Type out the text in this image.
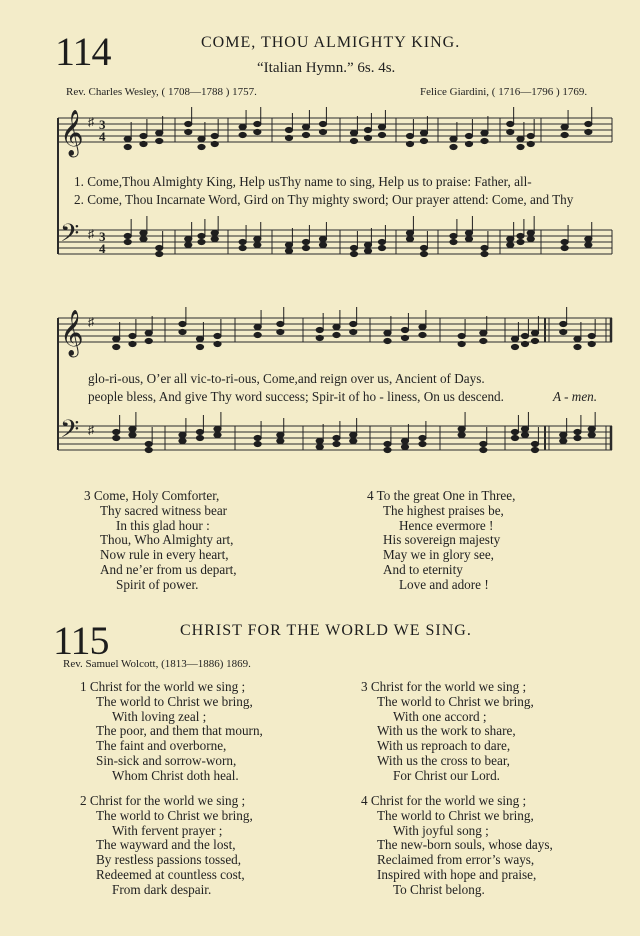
114	COME, THOU ALMIGHTY KING.
“Italian Hymn.” 6s. 4s.
Rev. Charles Wesley, ( 1708—1788 ) 1757.	Felice Giardini, ( 1716—1796 ) 1769.
𝄞
𝄢
♯
♯
3
4
3
4
1. Come,Thou Almighty King, Help usThy name to sing, Help us to praise: Father, all-
2. Come, Thou Incarnate Word, Gird on Thy mighty sword; Our prayer attend: Come, and Thy
𝄞
𝄢
♯
♯
glo-ri-ous, O’er all vic-to-ri-ous, Come,and reign over us, Ancient of Days.
people bless, And give Thy word success; Spir-it of ho - liness, On us descend.	A - men.
3 Come, Holy Comforter,
Thy sacred witness bear
In this glad hour :
Thou, Who Almighty art,
Now rule in every heart,
And ne’er from us depart,
Spirit of power.
4 To the great One in Three,
The highest praises be,
Hence evermore !
His sovereign majesty
May we in glory see,
And to eternity
Love and adore !
115	CHRIST FOR THE WORLD WE SING.
Rev. Samuel Wolcott, (1813—1886) 1869.
1 Christ for the world we sing ;
The world to Christ we bring,
With loving zeal ;
The poor, and them that mourn,
The faint and overborne,
Sin-sick and sorrow-worn,
Whom Christ doth heal.
3 Christ for the world we sing ;
The world to Christ we bring,
With one accord ;
With us the work to share,
With us reproach to dare,
With us the cross to bear,
For Christ our Lord.
2 Christ for the world we sing ;
The world to Christ we bring,
With fervent prayer ;
The wayward and the lost,
By restless passions tossed,
Redeemed at countless cost,
From dark despair.
4 Christ for the world we sing ;
The world to Christ we bring,
With joyful song ;
The new-born souls, whose days,
Reclaimed from error’s ways,
Inspired with hope and praise,
To Christ belong.
